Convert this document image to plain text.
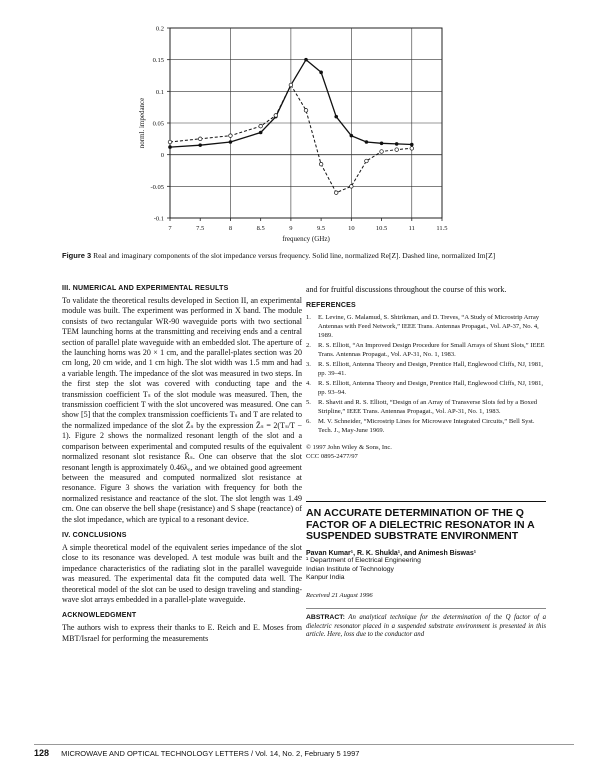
0.2
0.15
0.1
0.05
0
-0.05
-0.1
7	7.5	8	8.5	9	9.5	10	10.5	11	11.5
frequency (GHz)
norml. impedance
Figure 3 Real and imaginary components of the slot impedance versus frequency. Solid line, normalized Re[Z]. Dashed line, normalized Im[Z]
III. NUMERICAL AND EXPERIMENTAL RESULTS

To validate the theoretical results developed in Section II, an experimental module was built. The experiment was performed in X band. The module consists of two rectangular WR-90 waveguide ports with two sectional TEM launching horns at the transmitting and receiving ends and a central section of parallel plate waveguide with an embedded slot. The aperture of the launching horns was 20 × 1 cm, and the parallel-plates section was 20 cm long, 20 cm wide, and 1 cm high. The slot width was 1.5 mm and had a variable length. The impedance of the slot was measured in two steps. In the first step the slot was covered with conducting tape and the transmission coefficient Tₛ of the slot module was measured. Then, the transmission coefficient T with the slot uncovered was measured. One can show [5] that the complex transmission coefficients Tₛ and T are related to the normalized impedance of the slot Z̄ₛ by the expression Z̄ₛ = 2(Tₛ/T − 1). Figure 2 shows the normalized resonant length of the slot and a comparison between experimental and computed results of the equivalent normalized resonant slot resistance R̄ₛ. One can observe that the slot resonant length is approximately 0.46λ₀, and we obtained good agreement between the measured and computed normalized slot resistance at resonance. Figure 3 shows the variation with frequency for both the normalized resistance and reactance of the slot. The slot length was 1.49 cm. One can observe the bell shape (resistance) and S shape (reactance) of the slot impedance, which are typical to a resonant device.

IV. CONCLUSIONS

A simple theoretical model of the equivalent series impedance of the slot close to its resonance was developed. A test module was built and the impedance characteristics of the radiating slot in the parallel waveguide was measured. The experimental data fit the computed data well. The theoretical model of the slot can be used to design traveling and standing-wave slot arrays embedded in a parallel-plate waveguide.

ACKNOWLEDGMENT

The authors wish to express their thanks to E. Reich and E. Moses from MBT/Israel for performing the measurements

and for fruitful discussions throughout the course of this work.

REFERENCES
1.	E. Levine, G. Malamud, S. Shtrikman, and D. Treves, “A Study of Microstrip Array Antennas with Feed Network,” IEEE Trans. Antennas Propagat., Vol. AP-37, No. 4, 1989.
2.	R. S. Elliott, “An Improved Design Procedure for Small Arrays of Shunt Slots,” IEEE Trans. Antennas Propagat., Vol. AP-31, No. 1, 1983.
3.	R. S. Elliott, Antenna Theory and Design, Prentice Hall, Englewood Cliffs, NJ, 1981, pp. 39–41.
4.	R. S. Elliott, Antenna Theory and Design, Prentice Hall, Englewood Cliffs, NJ, 1981, pp. 93–94.
5.	R. Shavit and R. S. Elliott, “Design of an Array of Transverse Slots fed by a Boxed Stripline,” IEEE Trans. Antennas Propagat., Vol. AP-31, No. 1, 1983.
6.	M. V. Schneider, “Microstrip Lines for Microwave Integrated Circuits,” Bell Syst. Tech. J., May-June 1969.
© 1997 John Wiley & Sons, Inc.
CCC 0895-2477/97
AN ACCURATE DETERMINATION OF THE Q FACTOR OF A DIELECTRIC RESONATOR IN A SUSPENDED SUBSTRATE ENVIRONMENT
Pavan Kumar¹, R. K. Shukla¹, and Animesh Biswas¹
¹ Department of Electrical Engineering
Indian Institute of Technology
Kanpur India
Received 21 August 1996
ABSTRACT: An analytical technique for the determination of the Q factor of a dielectric resonator placed in a suspended substrate environment is presented in this article. Here, loss due to the conductor and
128 MICROWAVE AND OPTICAL TECHNOLOGY LETTERS / Vol. 14, No. 2, February 5 1997
